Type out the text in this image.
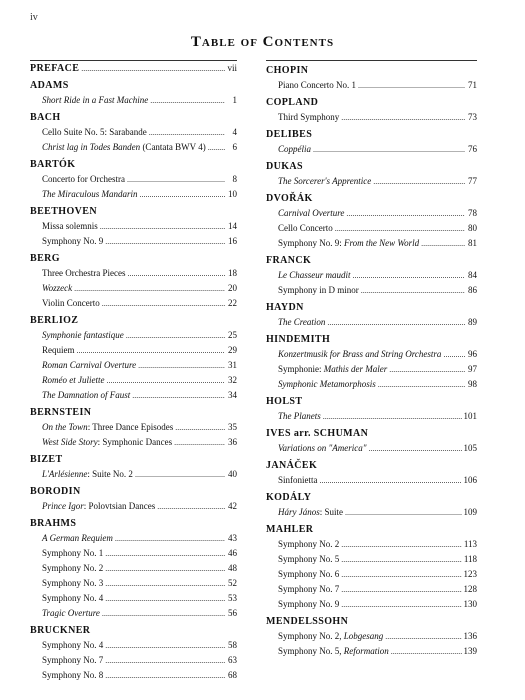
iv
Table of Contents
PREFACE . . .	vii
ADAMS
Short Ride in a Fast Machine . . .	1
BACH
Cello Suite No. 5: Sarabande . . .	4
Christ lag in Todes Banden (Cantata BWV 4) . . .	6
BARTÓK
Concerto for Orchestra . . .	8
The Miraculous Mandarin . . .	10
BEETHOVEN
Missa solemnis . . .	14
Symphony No. 9 . . .	16
BERG
Three Orchestra Pieces . . .	18
Wozzeck . . .	20
Violin Concerto . . .	22
BERLIOZ
Symphonie fantastique . . .	25
Requiem . . .	29
Roman Carnival Overture . . .	31
Roméo et Juliette . . .	32
The Damnation of Faust . . .	34
BERNSTEIN
On the Town: Three Dance Episodes . . .	35
West Side Story: Symphonic Dances . . .	36
BIZET
L'Arlésienne: Suite No. 2 . . .	40
BORODIN
Prince Igor: Polovtsian Dances . . .	42
BRAHMS
A German Requiem . . .	43
Symphony No. 1 . . .	46
Symphony No. 2 . . .	48
Symphony No. 3 . . .	52
Symphony No. 4 . . .	53
Tragic Overture . . .	56
BRUCKNER
Symphony No. 4 . . .	58
Symphony No. 7 . . .	63
Symphony No. 8 . . .	68
CHOPIN
Piano Concerto No. 1 . . .	71
COPLAND
Third Symphony . . .	73
DELIBES
Coppélia . . .	76
DUKAS
The Sorcerer's Apprentice . . .	77
DVOŘÁK
Carnival Overture . . .	78
Cello Concerto . . .	80
Symphony No. 9: From the New World . . .	81
FRANCK
Le Chasseur maudit . . .	84
Symphony in D minor . . .	86
HAYDN
The Creation . . .	89
HINDEMITH
Konzertmusik for Brass and String Orchestra . . .	96
Symphonie: Mathis der Maler . . .	97
Symphonic Metamorphosis . . .	98
HOLST
The Planets . . .	101
IVES arr. SCHUMAN
Variations on "America" . . .	105
JANÁČEK
Sinfonietta . . .	106
KODÁLY
Háry János: Suite . . .	109
MAHLER
Symphony No. 2 . . .	113
Symphony No. 5 . . .	118
Symphony No. 6 . . .	123
Symphony No. 7 . . .	128
Symphony No. 9 . . .	130
MENDELSSOHN
Symphony No. 2, Lobgesang . . .	136
Symphony No. 5, Reformation . . .	139
